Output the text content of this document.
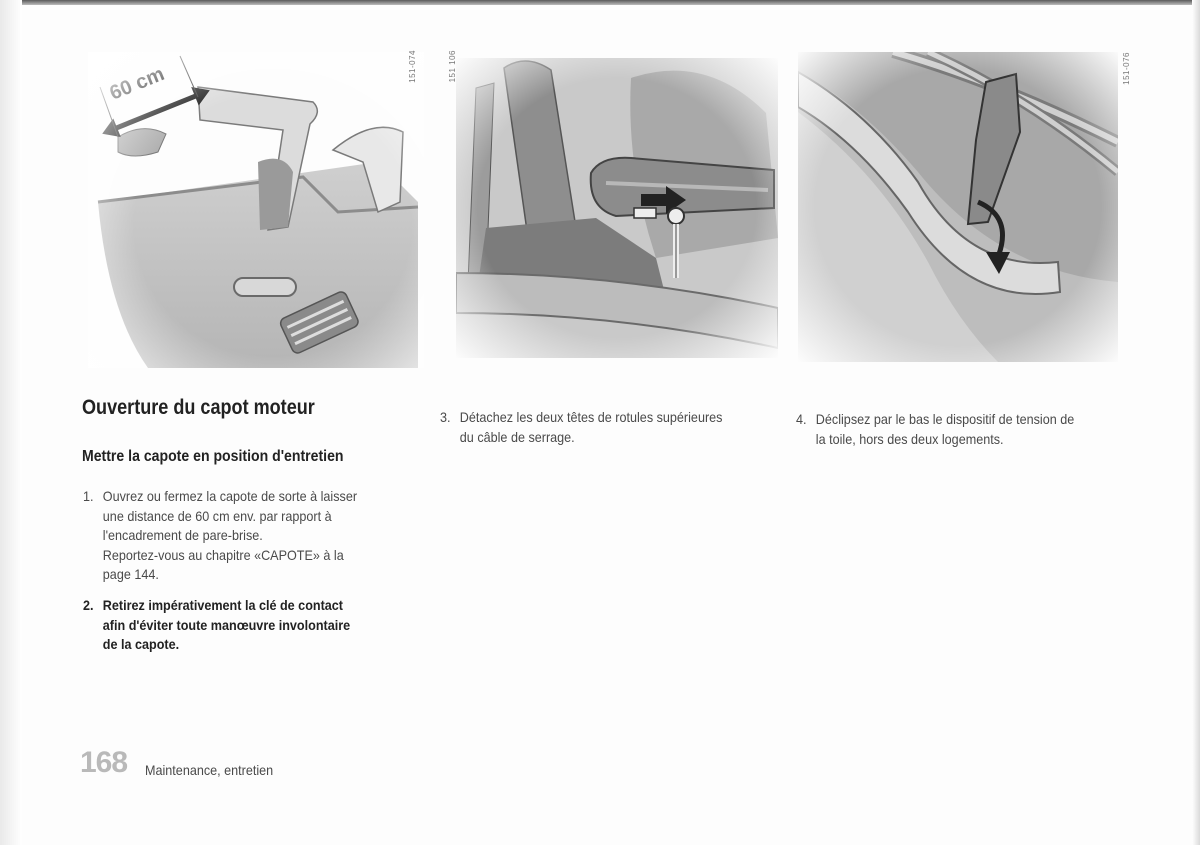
151-074	151 106	151-076
Ouverture du capot moteur
Mettre la capote en position d'entretien
1. Ouvrez ou fermez la capote de sorte à laisser
une distance de 60 cm env. par rapport à
l'encadrement de pare-brise.
Reportez-vous au chapitre «CAPOTE» à la
page 144.
2. Retirez impérativement la clé de contact
afin d'éviter toute manœuvre involontaire
de la capote.
3. Détachez les deux têtes de rotules supérieures
du câble de serrage.
4. Déclipsez par le bas le dispositif de tension de
la toile, hors des deux logements.
168 Maintenance, entretien
